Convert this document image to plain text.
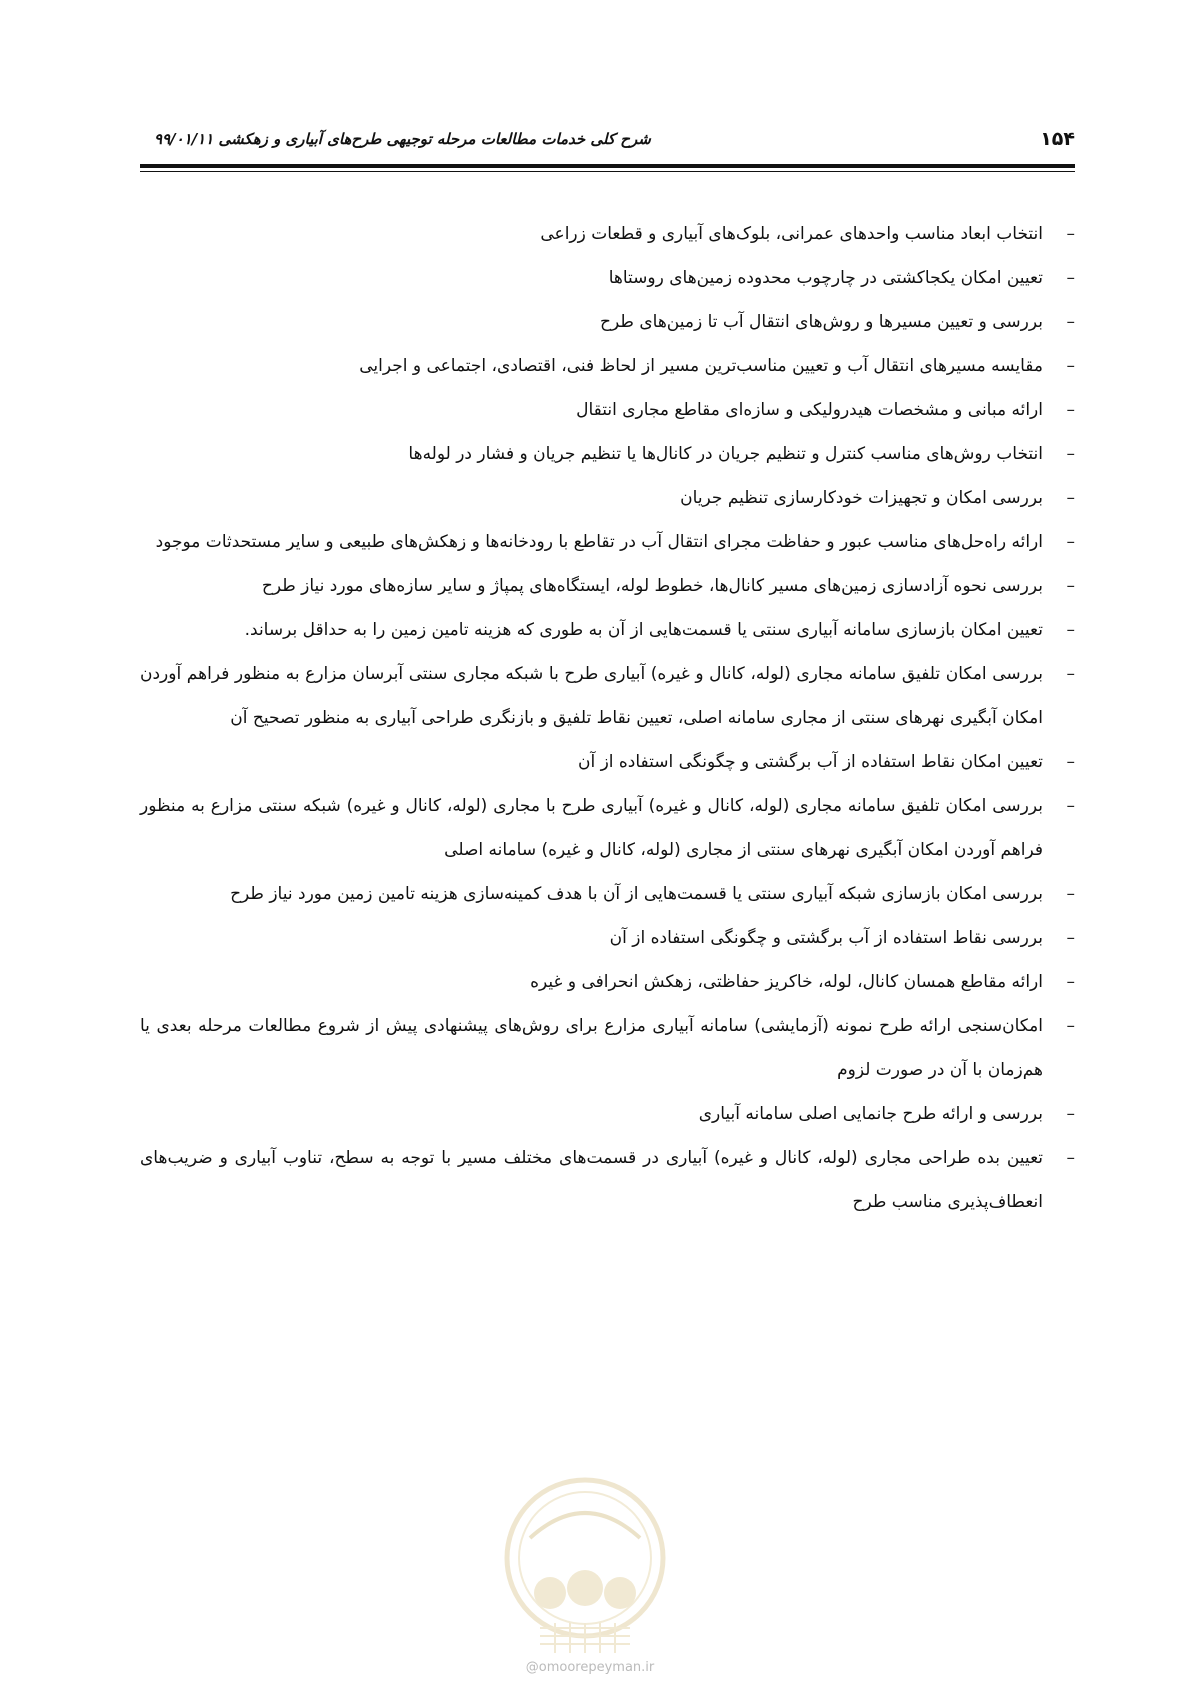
۱۵۴
شرح کلی خدمات مطالعات مرحله توجیهی طرح‌های آبیاری و زهکشی ۹۹/۰۱/۱۱
–
انتخاب ابعاد مناسب واحدهای عمرانی، بلوک‌های آبیاری و قطعات زراعی
–
تعیین امکان یکجاکشتی در چارچوب محدوده زمین‌های روستاها
–
بررسی و تعیین مسیرها و روش‌های انتقال آب تا زمین‌های طرح
–
مقایسه مسیرهای انتقال آب و تعیین مناسب‌ترین مسیر از لحاظ فنی، اقتصادی، اجتماعی و اجرایی
–
ارائه مبانی و مشخصات هیدرولیکی و سازه‌ای مقاطع مجاری انتقال
–
انتخاب روش‌های مناسب کنترل و تنظیم جریان در کانال‌ها یا تنظیم جریان و فشار در لوله‌ها
–
بررسی امکان و تجهیزات خودکارسازی تنظیم جریان
–
ارائه راه‌حل‌های مناسب عبور و حفاظت مجرای انتقال آب در تقاطع با رودخانه‌ها و زهکش‌های طبیعی و سایر مستحدثات موجود
–
بررسی نحوه آزادسازی زمین‌های مسیر کانال‌ها، خطوط لوله، ایستگاه‌های پمپاژ و سایر سازه‌های مورد نیاز طرح
–
تعیین امکان بازسازی سامانه آبیاری سنتی یا قسمت‌هایی از آن به طوری که هزینه تامین زمین را به حداقل برساند.
–
بررسی امکان تلفیق سامانه مجاری (لوله، کانال و غیره) آبیاری طرح با شبکه مجاری سنتی آبرسان مزارع به منظور فراهم آوردن امکان آبگیری نهرهای سنتی از مجاری سامانه اصلی، تعیین نقاط تلفیق و بازنگری طراحی آبیاری به منظور تصحیح آن
–
تعیین امکان نقاط استفاده از آب برگشتی و چگونگی استفاده از آن
–
بررسی امکان تلفیق سامانه مجاری (لوله، کانال و غیره) آبیاری طرح با مجاری (لوله، کانال و غیره) شبکه سنتی مزارع به منظور فراهم آوردن امکان آبگیری نهرهای سنتی از مجاری (لوله، کانال و غیره) سامانه اصلی
–
بررسی امکان بازسازی شبکه آبیاری سنتی یا قسمت‌هایی از آن با هدف کمینه‌سازی هزینه تامین زمین مورد نیاز طرح
–
بررسی نقاط استفاده از آب برگشتی و چگونگی استفاده از آن
–
ارائه مقاطع همسان کانال، لوله، خاکریز حفاظتی، زهکش انحرافی و غیره
–
امکان‌سنجی ارائه طرح نمونه (آزمایشی) سامانه آبیاری مزارع برای روش‌های پیشنهادی پیش از شروع مطالعات مرحله بعدی یا هم‌زمان با آن در صورت لزوم
–
بررسی و ارائه طرح جانمایی اصلی سامانه آبیاری
–
تعیین بده طراحی مجاری (لوله، کانال و غیره) آبیاری در قسمت‌های مختلف مسیر با توجه به سطح، تناوب آبیاری و ضریب‌های انعطاف‌پذیری مناسب طرح
@omoorepeyman.ir
